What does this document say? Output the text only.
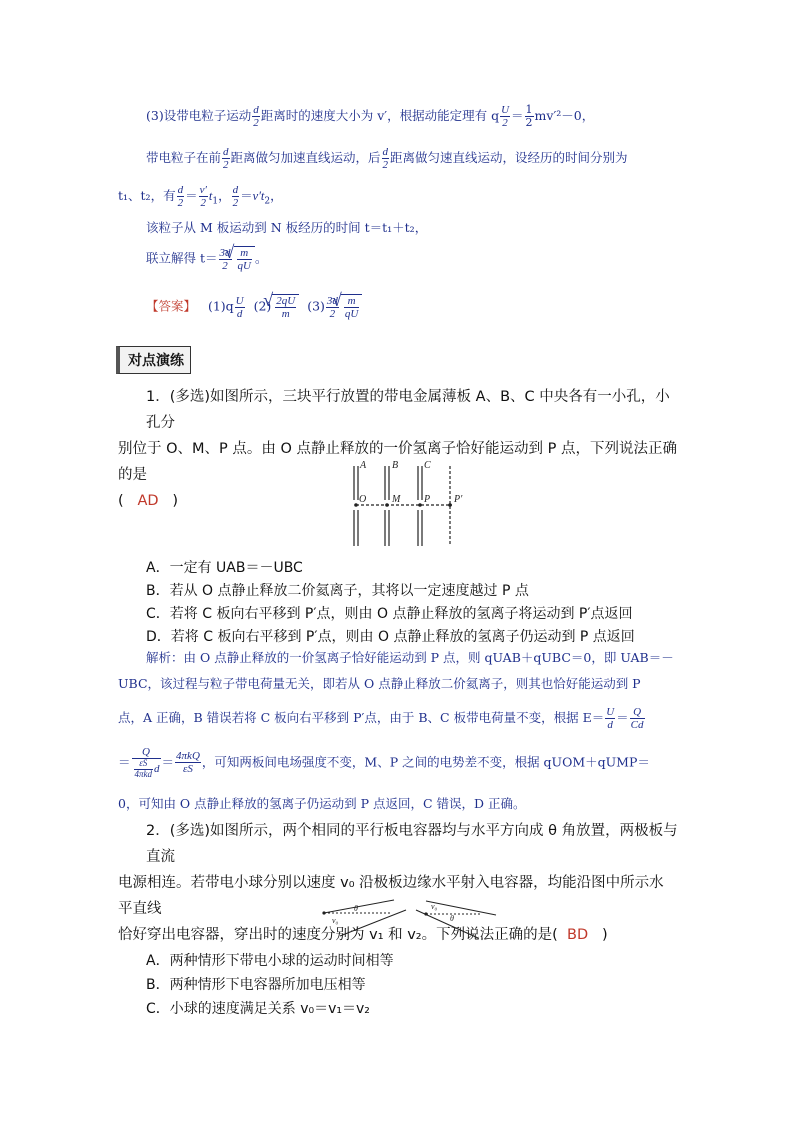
(3)设带电粒子运动 $\frac{d}{2}$ 距离时的速度大小为 v′，根据动能定理有 q $\frac{U}{2} = \frac{1}{2} mv'^2-0$，
带电粒子在前 $\frac{d}{2}$ 距离做匀加速直线运动，后 $\frac{d}{2}$ 距离做匀速直线运动，设经历的时间分别为
t₁、t₂，有 $\frac{d}{2} = \frac{v'}{2} t_1$， $\frac{d}{2} =v't_2$，
该粒子从 M 板运动到 N 板经历的时间 t＝t₁＋t₂，
联立解得 $t= \frac{3d}{2}$ √ $\frac{m}{qU}$ 。
【答案】 $(1)q \frac{U}{d} (2)$ √ $\frac{2qU}{m} (3) \frac{3d}{2}$ √ $\frac{m}{qU}$
对点演练
1．(多选)如图所示，三块平行放置的带电金属薄板 A、B、C 中央各有一小孔，小孔分
别位于 O、M、P 点。由 O 点静止释放的一价氢离子恰好能运动到 P 点，下列说法正确的是
( AD )
A	B	C
O	M P P′
A．一定有 UAB＝－UBC
B．若从 O 点静止释放二价氦离子，其将以一定速度越过 P 点
C．若将 C 板向右平移到 P′点，则由 O 点静止释放的氢离子将运动到 P′点返回
D．若将 C 板向右平移到 P′点，则由 O 点静止释放的氢离子仍运动到 P 点返回
解析：由 O 点静止释放的一价氢离子恰好能运动到 P 点，则 qUAB＋qUBC＝0，即 UAB＝－
UBC，该过程与粒子带电荷量无关，即若从 O 点静止释放二价氦离子，则其也恰好能运动到 P
点，A 正确，B 错误若将 C 板向右平移到 P′点，由于 B、C 板带电荷量不变，根据 $E= \frac{U}{d} = \frac{Q}{Cd}$
＝ $\frac{Q}{\frac{\varepsilon S}{\text{4πkd}} d} = \frac{\text{4πkQ}}{\varepsilon S}$ ，可知两板间电场强度不变，M、P 之间的电势差不变，根据 qUOM＋qUMP＝
0，可知由 O 点静止释放的氢离子仍运动到 P 点返回，C 错误，D 正确。
2．(多选)如图所示，两个相同的平行板电容器均与水平方向成 θ 角放置，两极板与直流
电源相连。若带电小球分别以速度 v₀ 沿极板边缘水平射入电容器，均能沿图中所示水平直线
恰好穿出电容器，穿出时的速度分别为 v₁ 和 v₂。下列说法正确的是( BD )
θ
v₀
v₀
θ
A．两种情形下带电小球的运动时间相等
B．两种情形下电容器所加电压相等
C．小球的速度满足关系 v₀＝v₁＝v₂
